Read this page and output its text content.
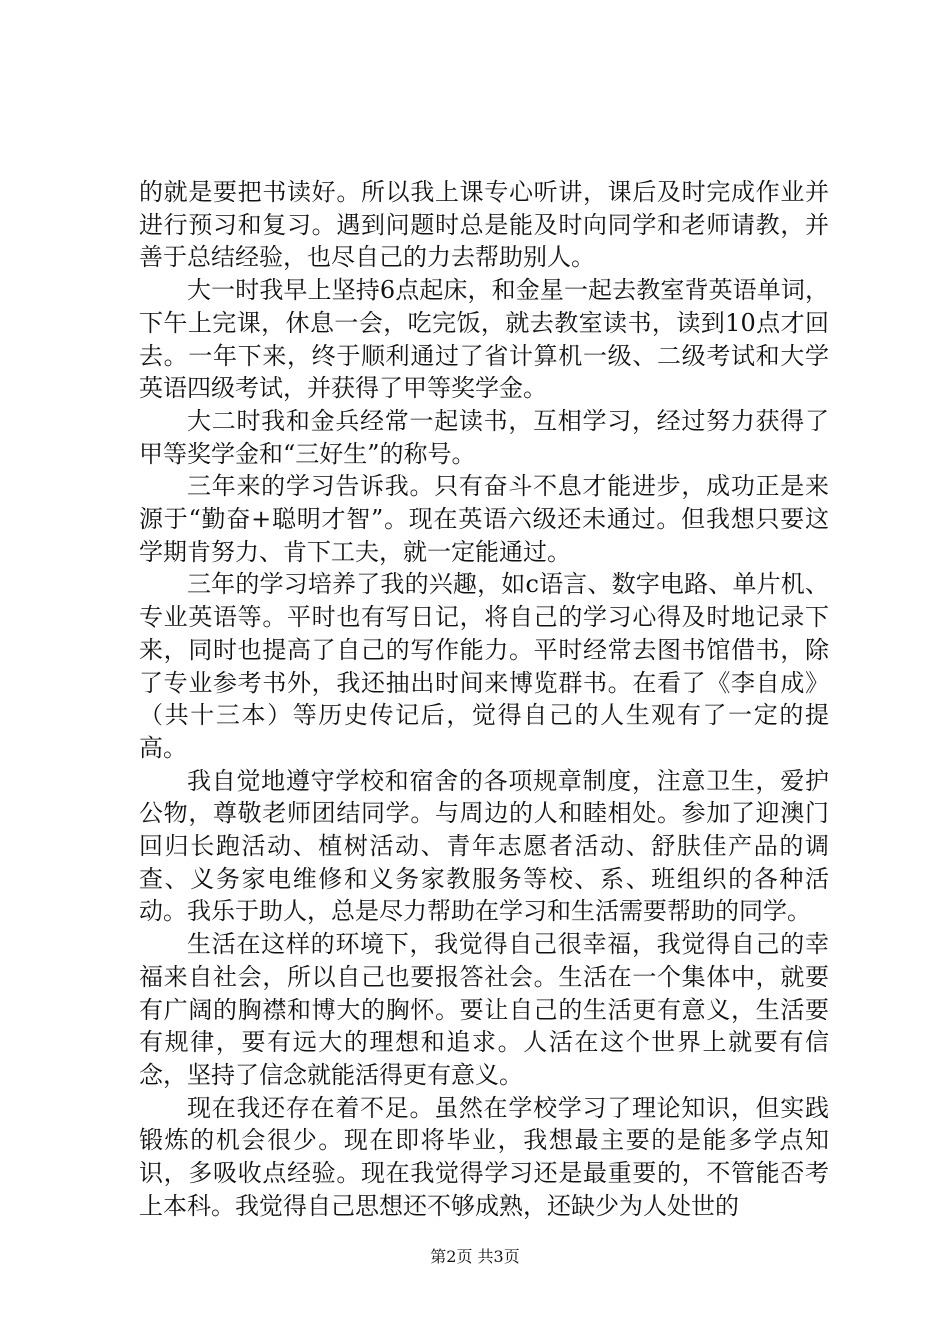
的就是要把书读好。所以我上课专心听讲，课后及时完成作业并进行预习和复习。遇到问题时总是能及时向同学和老师请教，并善于总结经验，也尽自己的力去帮助别人。

大一时我早上坚持6点起床，和金星一起去教室背英语单词，下午上完课，休息一会，吃完饭，就去教室读书，读到10点才回去。一年下来，终于顺利通过了省计算机一级、二级考试和大学英语四级考试，并获得了甲等奖学金。

大二时我和金兵经常一起读书，互相学习，经过努力获得了甲等奖学金和“三好生”的称号。

三年来的学习告诉我。只有奋斗不息才能进步，成功正是来源于“勤奋+聪明才智”。现在英语六级还未通过。但我想只要这学期肯努力、肯下工夫，就一定能通过。

三年的学习培养了我的兴趣，如c语言、数字电路、单片机、专业英语等。平时也有写日记，将自己的学习心得及时地记录下来，同时也提高了自己的写作能力。平时经常去图书馆借书，除了专业参考书外，我还抽出时间来博览群书。在看了《李自成》（共十三本）等历史传记后，觉得自己的人生观有了一定的提高。

我自觉地遵守学校和宿舍的各项规章制度，注意卫生，爱护公物，尊敬老师团结同学。与周边的人和睦相处。参加了迎澳门回归长跑活动、植树活动、青年志愿者活动、舒肤佳产品的调查、义务家电维修和义务家教服务等校、系、班组织的各种活动。我乐于助人，总是尽力帮助在学习和生活需要帮助的同学。

生活在这样的环境下，我觉得自己很幸福，我觉得自己的幸福来自社会，所以自己也要报答社会。生活在一个集体中，就要有广阔的胸襟和博大的胸怀。要让自己的生活更有意义，生活要有规律，要有远大的理想和追求。人活在这个世界上就要有信念，坚持了信念就能活得更有意义。

现在我还存在着不足。虽然在学校学习了理论知识，但实践锻炼的机会很少。现在即将毕业，我想最主要的是能多学点知识，多吸收点经验。现在我觉得学习还是最重要的，不管能否考上本科。我觉得自己思想还不够成熟，还缺少为人处世的

第2页 共3页
